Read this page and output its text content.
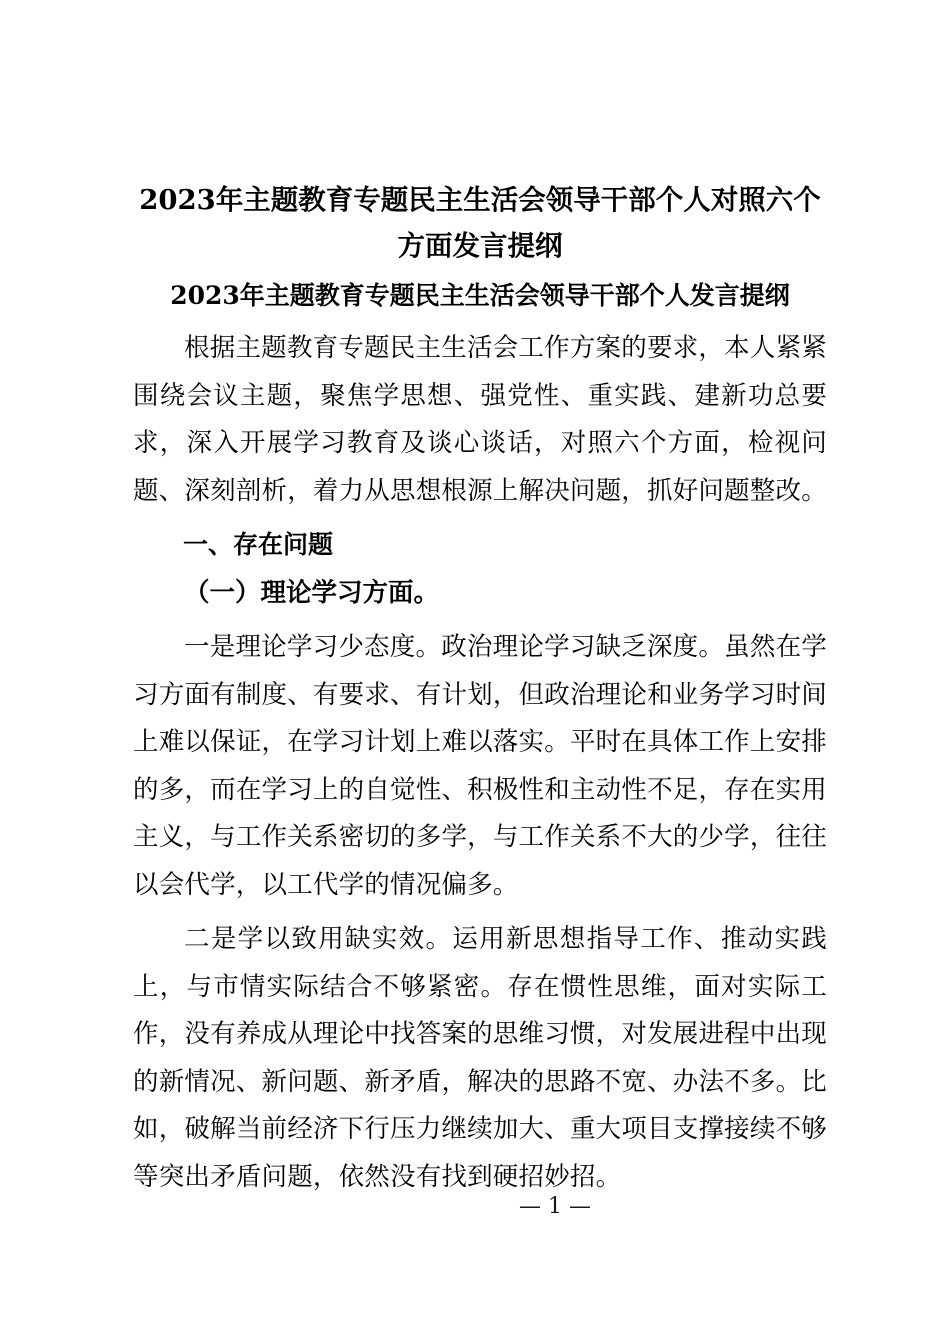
2023年主题教育专题民主生活会领导干部个人对照六个方面发言提纲
2023年主题教育专题民主生活会领导干部个人发言提纲

根据主题教育专题民主生活会工作方案的要求，本人紧紧围绕会议主题，聚焦学思想、强党性、重实践、建新功总要求，深入开展学习教育及谈心谈话，对照六个方面，检视问题、深刻剖析，着力从思想根源上解决问题，抓好问题整改。

一、存在问题
（一）理论学习方面。

一是理论学习少态度。政治理论学习缺乏深度。虽然在学习方面有制度、有要求、有计划，但政治理论和业务学习时间上难以保证，在学习计划上难以落实。平时在具体工作上安排的多，而在学习上的自觉性、积极性和主动性不足，存在实用主义，与工作关系密切的多学，与工作关系不大的少学，往往以会代学，以工代学的情况偏多。

二是学以致用缺实效。运用新思想指导工作、推动实践上，与市情实际结合不够紧密。存在惯性思维，面对实际工作，没有养成从理论中找答案的思维习惯，对发展进程中出现的新情况、新问题、新矛盾，解决的思路不宽、办法不多。比如，破解当前经济下行压力继续加大、重大项目支撑接续不够等突出矛盾问题，依然没有找到硬招妙招。

— 1 —
